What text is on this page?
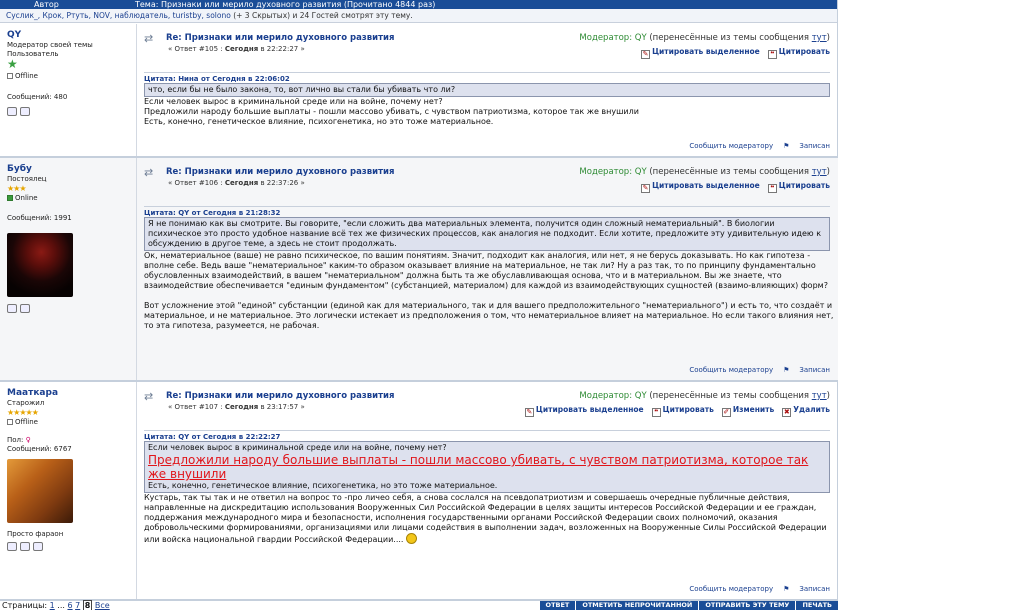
Автор	Тема: Признаки или мерило духовного развития (Прочитано 4844 раз)
Суслик_, Крок, Ртуть, NOV, наблюдатель, turistby, solono (+ 3 Скрытых) и 24 Гостей смотрят эту тему.
QY
Модератор своей темы
Пользователь
★
Offline
Сообщений: 480
⇄	Re: Признаки или мерило духовного развития
« Ответ #105 : Сегодня в 22:22:27 »
Модератор: QY (перенесённые из темы сообщения тут)
✎ Цитировать выделенное	❝ Цитировать
Цитата: Нина от Сегодня в 22:06:02
что, если бы не было закона, то, вот лично вы стали бы убивать что ли?
Если человек вырос в криминальной среде или на войне, почему нет?
Предложили народу большие выплаты - пошли массово убивать, с чувством патриотизма, которое так же внушили
Есть, конечно, генетическое влияние, психогенетика, но это тоже материальное.
Сообщить модератору ⚑ Записан
Бубу
Постоялец
★★★
Online
Сообщений: 1991
⇄	Re: Признаки или мерило духовного развития
« Ответ #106 : Сегодня в 22:37:26 »
Модератор: QY (перенесённые из темы сообщения тут)
✎ Цитировать выделенное	❝ Цитировать
Цитата: QY от Сегодня в 21:28:32
Я не понимаю как вы смотрите. Вы говорите, "если сложить два материальных элемента, получится один сложный нематериальный". В биологии психическое это просто удобное название всё тех же физических процессов, как аналогия не подходит. Если хотите, предложите эту удивительную идею к обсуждению в другое теме, а здесь не стоит продолжать.
Ок, нематериальное (ваше) не равно психическое, по вашим понятиям. Значит, подходит как аналогия, или нет, я не берусь доказывать. Но как гипотеза - вполне себе. Ведь ваше "нематериальное" каким-то образом оказывает влияние на материальное, не так ли? Ну а раз так, то по принципу фундаментально обусловленных взаимодействий, в вашем "нематериальном" должна быть та же обуславливающая основа, что и в материальном. Вы же знаете, что взаимодействие обеспечивается "единым фундаментом" (субстанцией, материалом) для каждой из взаимодействующих сущностей (взаимо-влияющих) форм?
Вот усложнение этой "единой" субстанции (единой как для материального, так и для вашего предположительного "нематериального") и есть то, что создаёт и материальное, и не материальное. Это логически истекает из предположения о том, что нематериальное влияет на материальное. Но если такого влияния нет, то эта гипотеза, разумеется, не рабочая.
Сообщить модератору ⚑ Записан
Мааткара
Старожил
★★★★★
Offline
Пол: ♀
Сообщений: 6767
Просто фараон
⇄	Re: Признаки или мерило духовного развития
« Ответ #107 : Сегодня в 23:17:57 »
Модератор: QY (перенесённые из темы сообщения тут)
✎ Цитировать выделенное	❝ Цитировать ✐ Изменить ✖ Удалить
Цитата: QY от Сегодня в 22:22:27
Если человек вырос в криминальной среде или на войне, почему нет?
Предложили народу большие выплаты - пошли массово убивать, с чувством патриотизма, которое так же внушили
Есть, конечно, генетическое влияние, психогенетика, но это тоже материальное.
Кустарь, так ты так и не ответил на вопрос то -про личео себя, а снова сослался на псевдопатриотизм и совершаешь очередные публичные действия, направленные на дискредитацию использования Вооруженных Сил Российской Федерации в целях защиты интересов Российской Федерации и ее граждан, поддержания международного мира и безопасности, исполнения государственными органами Российской Федерации своих полномочий, оказания добровольческими формированиями, организациями или лицами содействия в выполнении задач, возложенных на Вооруженные Силы Российской Федерации или войска национальной гвардии Российской Федерации....
Сообщить модератору ⚑ Записан
Страницы: 1 ... 6 7 8 Все	ОТВЕТ	ОТМЕТИТЬ НЕПРОЧИТАННОЙ	ОТПРАВИТЬ ЭТУ ТЕМУ	ПЕЧАТЬ
